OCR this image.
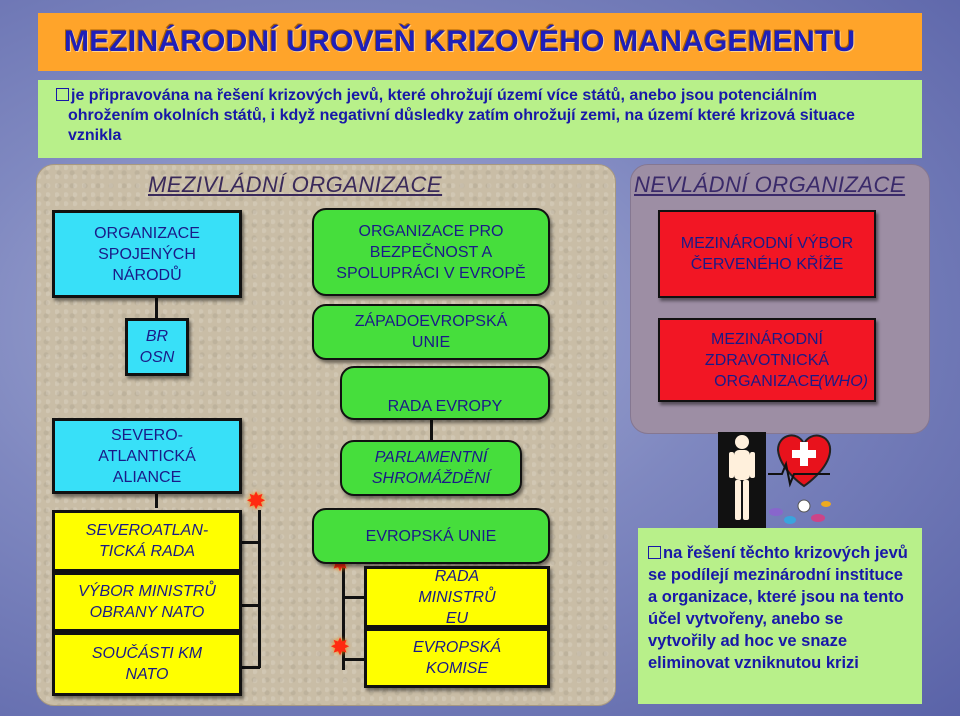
MEZINÁRODNÍ ÚROVEŇ KRIZOVÉHO MANAGEMENTU

je připravována na řešení krizových jevů, které ohrožují území více států, anebo jsou potenciálním

ohrožením okolních států, i když negativní důsledky zatím ohrožují zemi, na území které krizová situace vznikla

MEZIVLÁDNÍ ORGANIZACE	NEVLÁDNÍ ORGANIZACE
✸
✸
ORGANIZACE SPOJENÝCH NÁRODŮ
BR OSN
SEVERO-ATLANTICKÁ ALIANCE
SEVEROATLAN-TICKÁ RADA
VÝBOR MINISTRŮ OBRANY NATO
SOUČÁSTI KM NATO
ORGANIZACE PRO BEZPEČNOST A SPOLUPRÁCI V EVROPĚ
ZÁPADOEVROPSKÁ UNIE
RADA EVROPY
PARLAMENTNÍ SHROMÁŽDĚNÍ
EVROPSKÁ UNIE
RADA MINISTRŮ EU
EVROPSKÁ KOMISE
MEZINÁRODNÍ VÝBOR ČERVENÉHO KŘÍŽE
MEZINÁRODNÍ ZDRAVOTNICKÁ ORGANIZACE
(WHO)

na řešení těchto krizových jevů se podílejí mezinárodní instituce a organizace, které jsou na tento účel vytvořeny, anebo se vytvořily ad hoc ve snaze eliminovat vzniknutou krizi
